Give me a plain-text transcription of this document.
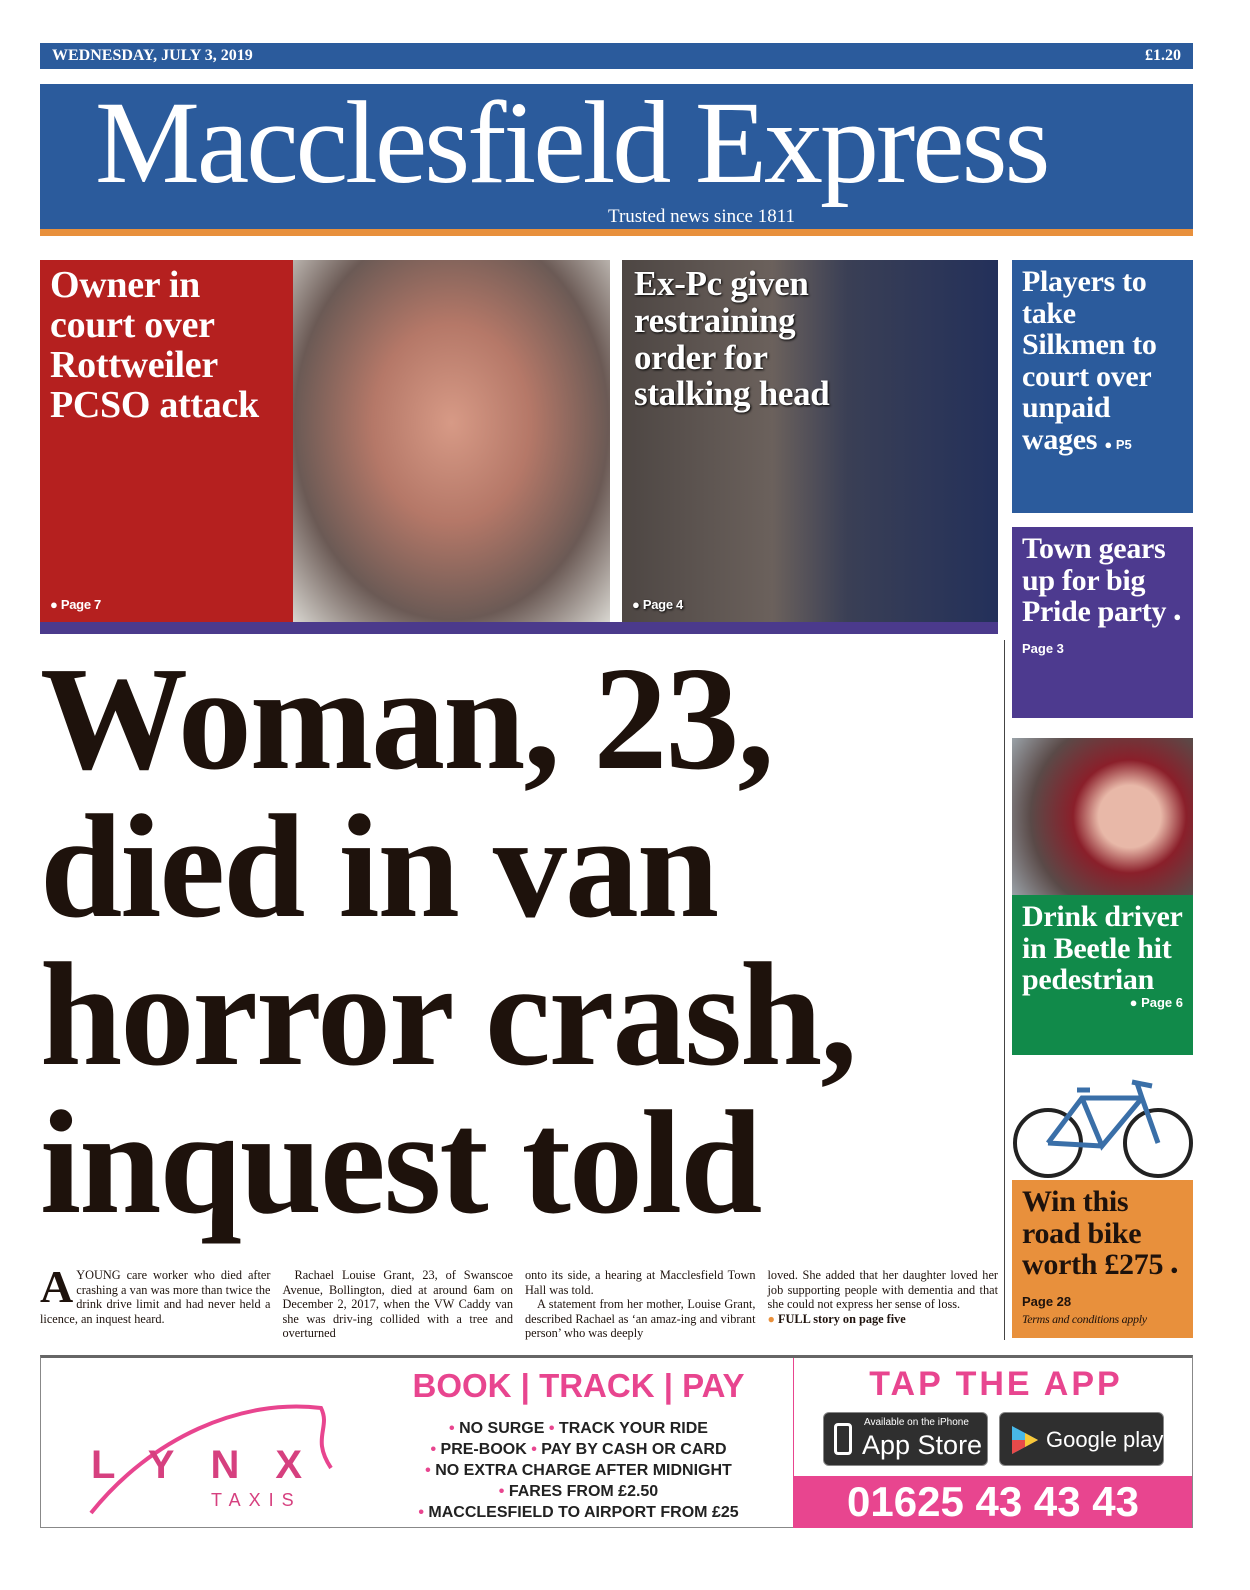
WEDNESDAY, JULY 3, 2019	£1.20
Macclesfield Express
Trusted news since 1811
Owner in court over Rottweiler PCSO attack
● Page 7
Ex-Pc given restraining order for stalking head
● Page 4
Players to take Silkmen to court over unpaid wages ● P5
Town gears up for big Pride party ● Page 3
Drink driver in Beetle hit pedestrian
● Page 6
Win this road bike worth £275 ● Page 28
Terms and conditions apply
Woman, 23, died in van horror crash, inquest told
AYOUNG care worker who died after crashing a van was more than twice the drink drive limit and had never held a licence, an inquest heard.
Rachael Louise Grant, 23, of Swanscoe Avenue, Bollington, died at around 6am on December 2, 2017, when the VW Caddy van she was driv-ing collided with a tree and overturned
onto its side, a hearing at Macclesfield Town Hall was told.
A statement from her mother, Louise Grant, described Rachael as ‘an amaz-ing and vibrant person’ who was deeply
loved. She added that her daughter loved her job supporting people with dementia and that she could not express her sense of loss.
● FULL story on page five
LYNX
TAXIS
BOOK | TRACK | PAY
• NO SURGE • TRACK YOUR RIDE
• PRE-BOOK • PAY BY CASH OR CARD
• NO EXTRA CHARGE AFTER MIDNIGHT
• FARES FROM £2.50
• MACCLESFIELD TO AIRPORT FROM £25
TAP THE APP
Available on the iPhone
App Store	Google play
01625 43 43 43
